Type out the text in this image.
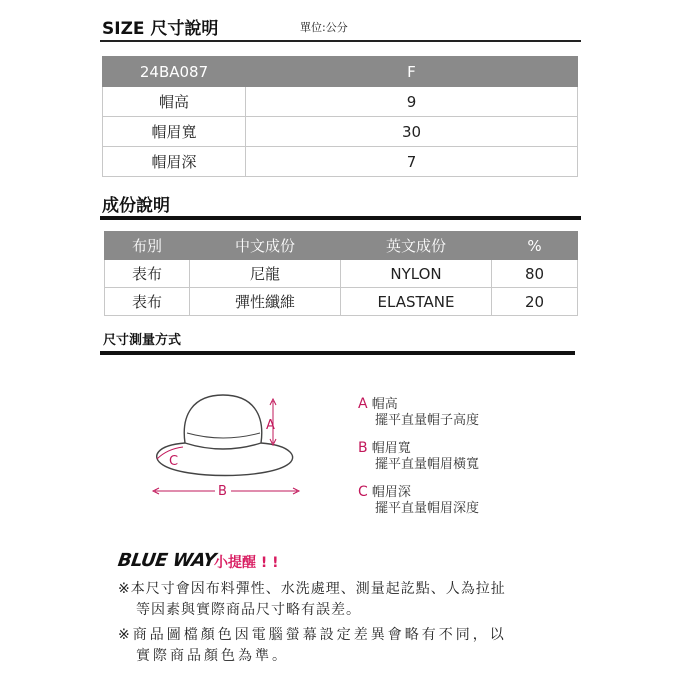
SIZE 尺寸說明	單位:公分
24BA087	F
帽高	9
帽眉寬	30
帽眉深	7
成份說明
布別	中文成份	英文成份	%
表布	尼龍	NYLON	80
表布	彈性纖維	ELASTANE	20
尺寸測量方式
A
C
B
A 帽高
擺平直量帽子高度
B 帽眉寬
擺平直量帽眉橫寬
C 帽眉深
擺平直量帽眉深度
BLUE WAY
小提醒 ! !
※本尺寸會因布料彈性、水洗處理、測量起訖點、人為拉扯
等因素與實際商品尺寸略有誤差。
※商品圖檔顏色因電腦螢幕設定差異會略有不同，以
實際商品顏色為準。
